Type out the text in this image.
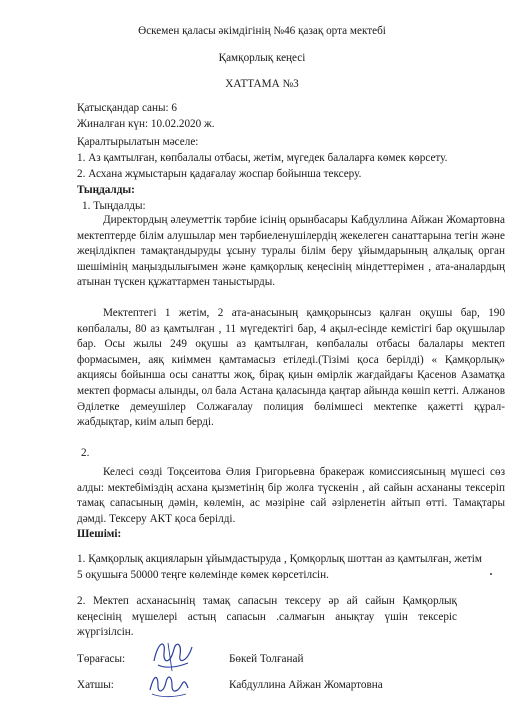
Өскемен қаласы әкімдігінің №46 қазақ орта мектебі
Қамқорлық кеңесі
ХАТТАМА №3
Қатысқандар саны: 6
Жиналған күн: 10.02.2020 ж.
Қаралтырылатын мәселе:
1. Аз қамтылған, көпбалалы отбасы, жетім, мүгедек балаларға көмек көрсету.
2. Асхана жұмыстарын қадағалау жоспар бойынша тексеру.
Тыңдалды:
1. Тыңдалды:
Директордың әлеуметтік тәрбие ісінің орынбасары Кабдуллина Айжан Жомартовна мектептерде білім алушылар мен тәрбиеленушілердің жекелеген санаттарына тегін және жеңілдікпен тамақтандыруды ұсыну туралы білім беру ұйымдарының алқалық орган шешімінің маңыздылығымен және қамқорлық кеңесінің міндеттерімен , ата-аналардың атынан түскен құжаттармен таныстырды.
Мектептегі 1 жетім, 2 ата-анасының қамқорынсыз қалған оқушы бар, 190 көпбалалы, 80 аз қамтылған , 11 мүгедектігі бар, 4 ақыл-есінде кемістігі бар оқушылар бар. Осы жылы 249 оқушы аз қамтылған, көпбалалы отбасы балалары мектеп формасымен, аяқ киіммен қамтамасыз етіледі.(Тізімі қоса берілді) « Қамқорлық» акциясы бойынша осы санатты жоқ, бірақ қиын өмірлік жағдайдағы Қасенов Азаматқа мектеп формасы алынды, ол бала Астана қаласында қаңтар айында көшіп кетті. Алжанов Әділетке демеушілер Солжағалау полиция бөлімшесі мектепке қажетті құрал-жабдықтар, киім алып берді.
2.
Келесі сөзді Тоқсеитова Әлия Григорьевна бракераж комиссиясының мүшесі сөз алды: мектебіміздің асхана қызметінің бір жолға түскенін , ай сайын асхананы тексеріп тамақ сапасының дәмін, көлемін, ас мәзіріне сай әзірленетін айтып өтті. Тамақтары дәмді. Тексеру АКТ қоса берілді.
Шешімі:
1. Қамқорлық акцияларын ұйымдастыруда , Қомқорлық шоттан аз қамтылған, жетім 5 оқушыға 50000 теңге көлемінде көмек көрсетілсін.
2. Мектеп асханасынің тамақ сапасын тексеру әр ай сайын Қамқорлық кеңесінің мүшелері астың сапасын .салмағын анықтау үшін тексеріс жүргізілсін.
Төрағасы:	Бөкей Толғанай
Хатшы:	Кабдуллина Айжан Жомартовна
